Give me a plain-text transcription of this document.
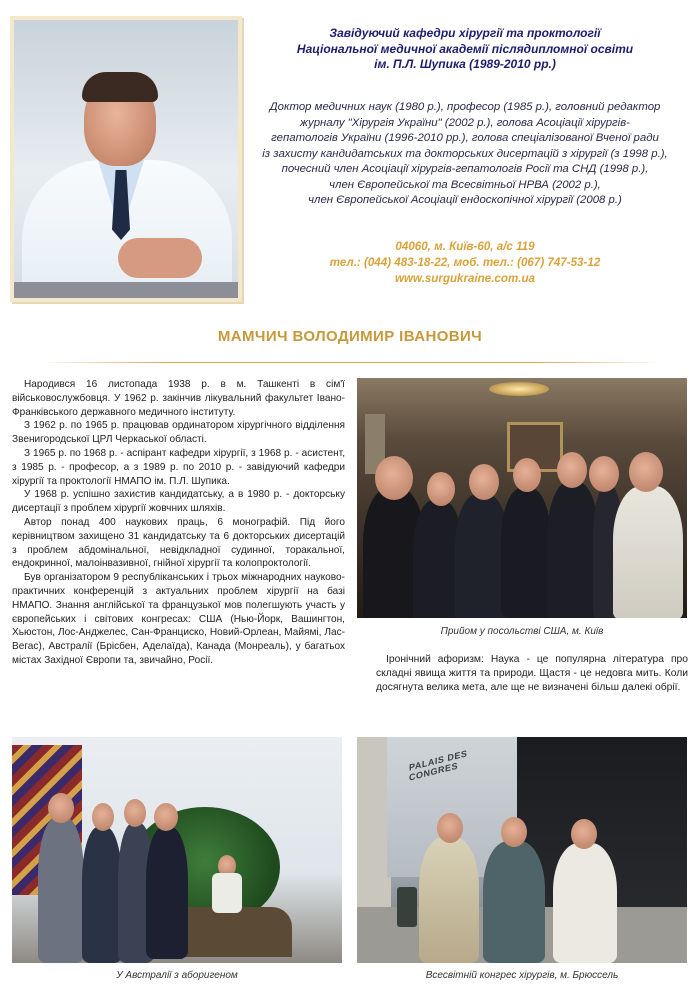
Завідуючий кафедри хірургії та проктології
Національної медичної академії післядипломної освіти
ім. П.Л. Шупика (1989-2010 рр.)
Доктор медичних наук (1980 р.), професор (1985 р.), головний редактор
журналу "Хірургія України" (2002 р.), голова Асоціації хірургів-
гепатологів України (1996-2010 рр.), голова спеціалізованої Вченої ради
із захисту кандидатських та докторських дисертацій з хірургії (з 1998 р.),
почесний член Асоціації хірургів-гепатологів Росії та СНД (1998 р.),
член Європейської та Всесвітньої НРВА (2002 р.),
член Європейської Асоціації ендоскопічної хірургії (2008 р.)
04060, м. Київ-60, а/с 119
тел.: (044) 483-18-22, моб. тел.: (067) 747-53-12
www.surgukraine.com.ua
МАМЧИЧ ВОЛОДИМИР ІВАНОВИЧ

Народився 16 листопада 1938 р. в м. Ташкенті в сім'ї військовослужбовця. У 1962 р. закінчив лікувальний факультет Івано-Франківського державного медичного інституту.

З 1962 р. по 1965 р. працював ординатором хірургічного відділення Звенигородської ЦРЛ Черкаської області.

З 1965 р. по 1968 р. - аспірант кафедри хірургії, з 1968 р. - асистент, з 1985 р. - професор, а з 1989 р. по 2010 р. - завідуючий кафедри хірургії та проктології НМАПО ім. П.Л. Шупика.

У 1968 р. успішно захистив кандидатську, а в 1980 р. - докторську дисертації з проблем хірургії жовчних шляхів.

Автор понад 400 наукових праць, 6 монографій. Під його керівництвом захищено 31 кандидатську та 6 докторських дисертацій з проблем абдомінальної, невідкладної судинної, торакальної, ендокринної, малоінвазивної, гнійної хірургії та колопроктології.

Був організатором 9 республіканських і трьох міжнародних науково-практичних конференцій з актуальних проблем хірургії на базі НМАПО. Знання англійської та французької мов полегшують участь у європейських і світових конгресах: США (Нью-Йорк, Вашингтон, Хьюстон, Лос-Анджелес, Сан-Франциско, Новий-Орлеан, Майямі, Лас-Вегас), Австралії (Брісбен, Аделаїда), Канада (Монреаль), у багатьох містах Західної Європи та, звичайно, Росії.

Прийом у посольстві США, м. Київ
Іронічний афоризм: Наука - це популярна література про складні явища життя та природи. Щастя - це недовга мить. Коли досягнута велика мета, але ще не визначені більш далекі обрії.
У Австралії з аборигеном
PALAIS DES CONGRES
Всесвітній конгрес хірургів, м. Брюссель
